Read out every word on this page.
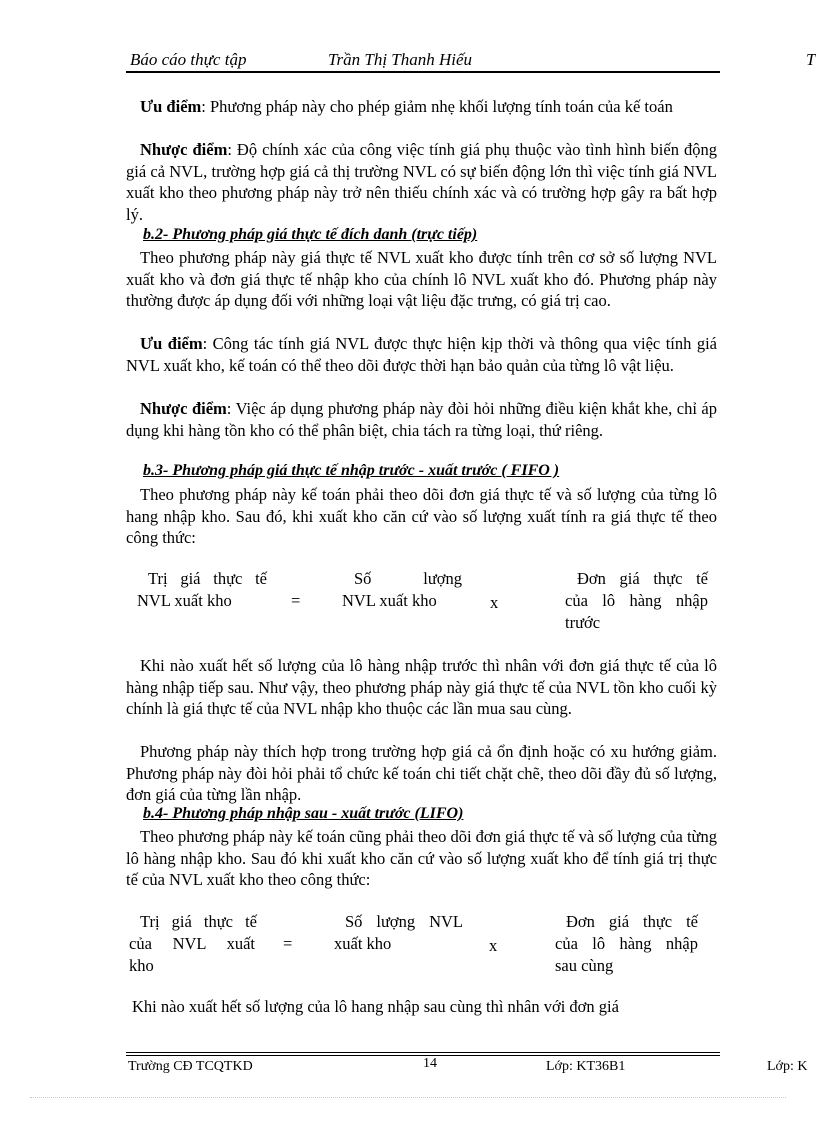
Báo cáo thực tập	Trần Thị Thanh Hiếu	T
Ưu điểm: Phương pháp này cho phép giảm nhẹ khối lượng tính toán của kế toán
Nhược điểm: Độ chính xác của công việc tính giá phụ thuộc vào tình hình biến động giá cả NVL, trường hợp giá cả thị trường NVL có sự biến động lớn thì việc tính giá NVL xuất kho theo phương pháp này trở nên thiếu chính xác và có trường hợp gây ra bất hợp lý.
b.2- Phương pháp giá thực tế đích danh (trực tiếp)
Theo phương pháp này giá thực tế NVL xuất kho được tính trên cơ sở số lượng NVL xuất kho và đơn giá thực tế nhập kho của chính lô NVL xuất kho đó. Phương pháp này thường được áp dụng đối với những loại vật liệu đặc trưng, có giá trị cao.
Ưu điểm: Công tác tính giá NVL được thực hiện kịp thời và thông qua việc tính giá NVL xuất kho, kế toán có thể theo dõi được thời hạn bảo quản của từng lô vật liệu.
Nhược điểm: Việc áp dụng phương pháp này đòi hỏi những điều kiện khắt khe, chỉ áp dụng khi hàng tồn kho có thể phân biệt, chia tách ra từng loại, thứ riêng.
b.3- Phương pháp giá thực tế nhập trước - xuất trước ( FIFO )
Theo phương pháp này kế toán phải theo dõi đơn giá thực tế và số lượng của từng lô hang nhập kho. Sau đó, khi xuất kho căn cứ vào số lượng xuất tính ra giá thực tế theo công thức:
Trị giá thực tế
NVL xuất kho	=
Số lượng
NVL xuất kho	x
Đơn giá thực tế
của lô hàng nhập
trước
Khi nào xuất hết số lượng của lô hàng nhập trước thì nhân với đơn giá thực tế của lô hàng nhập tiếp sau. Như vậy, theo phương pháp này giá thực tế của NVL tồn kho cuối kỳ chính là giá thực tế của NVL nhập kho thuộc các lần mua sau cùng.
Phương pháp này thích hợp trong trường hợp giá cả ổn định hoặc có xu hướng giảm. Phương pháp này đòi hỏi phải tổ chức kế toán chi tiết chặt chẽ, theo dõi đầy đủ số lượng, đơn giá của từng lần nhập.
b.4- Phương pháp nhập sau - xuất trước (LIFO)
Theo phương pháp này kế toán cũng phải theo dõi đơn giá thực tế và số lượng của từng lô hàng nhập kho. Sau đó khi xuất kho căn cứ vào số lượng xuất kho để tính giá trị thực tế của NVL xuất kho theo công thức:
Trị giá thực tế
của NVL xuất
kho
=
Số lượng NVL
xuất kho	x
Đơn giá thực tế
của lô hàng nhập
sau cùng
Khi nào xuất hết số lượng của lô hang nhập sau cùng thì nhân với đơn giá
Trường CĐ TCQTKD	14	Lớp: KT36B1	Lớp: K
